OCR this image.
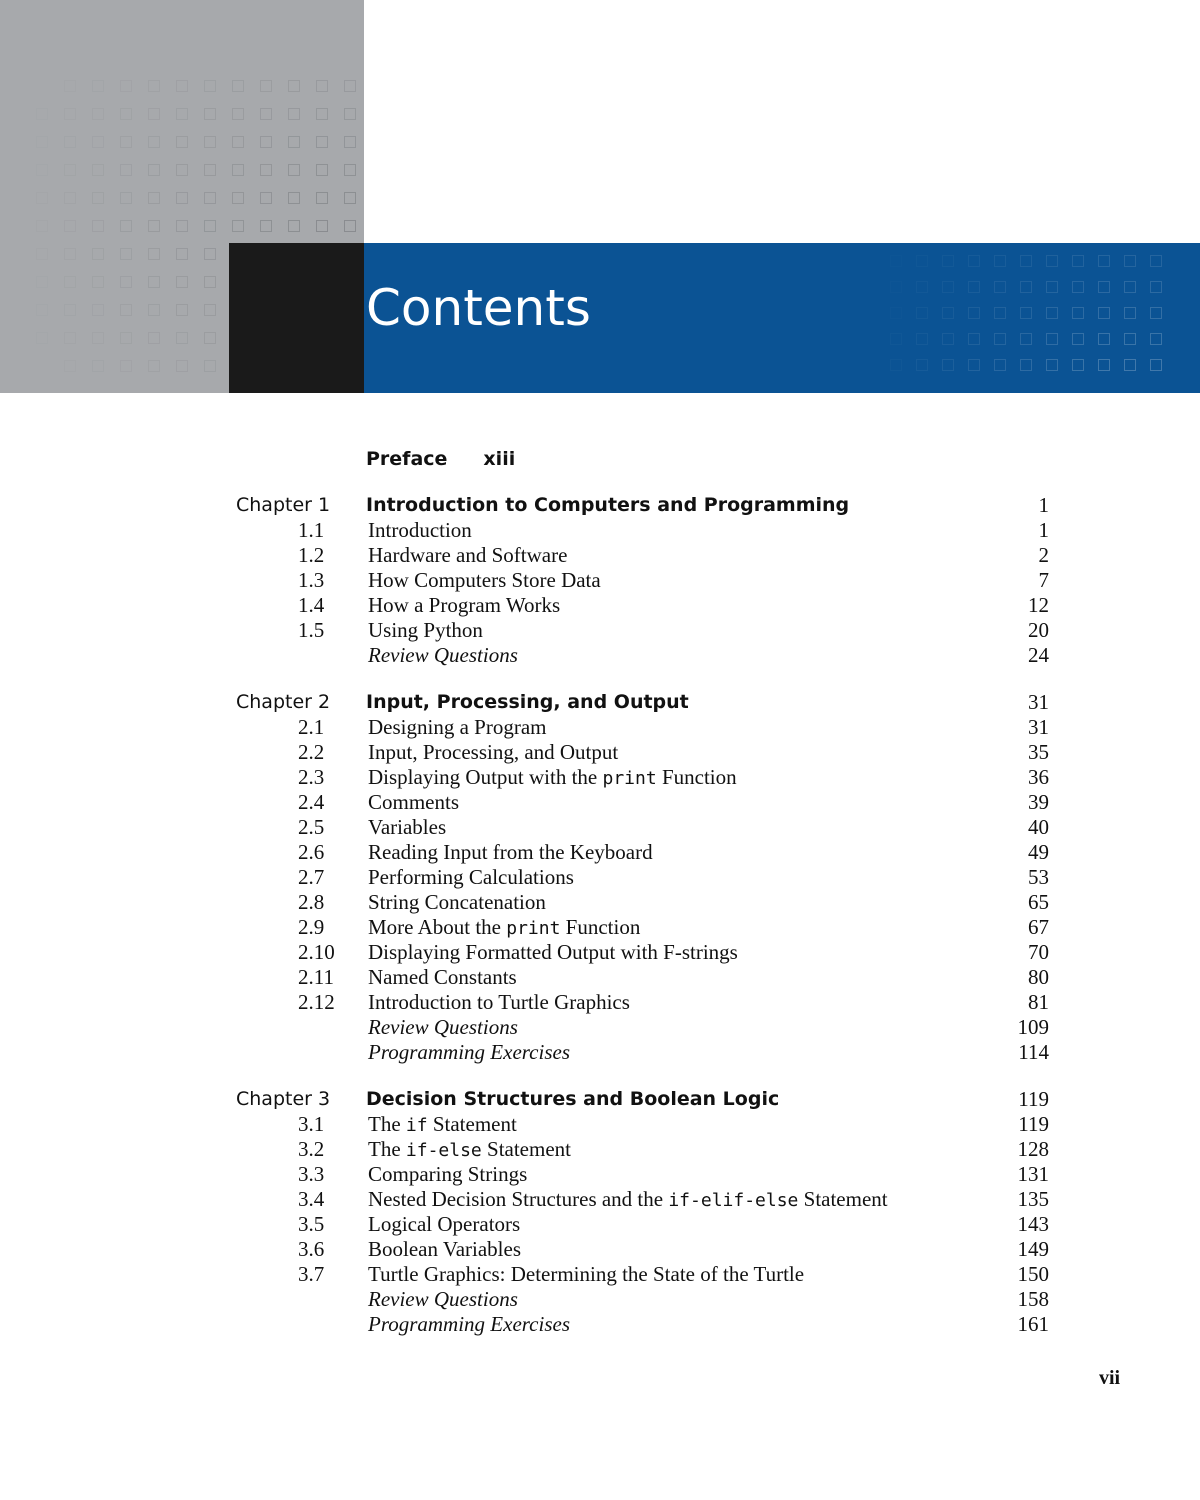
Contents
Preface xiii
Chapter 1 Introduction to Computers and Programming	1
1.1	Introduction	1
1.2	Hardware and Software	2
1.3	How Computers Store Data	7
1.4	How a Program Works	12
1.5	Using Python	20
Review Questions	24
Chapter 2 Input, Processing, and Output	31
2.1	Designing a Program	31
2.2	Input, Processing, and Output	35
2.3	Displaying Output with the print Function	36
2.4	Comments	39
2.5	Variables	40
2.6	Reading Input from the Keyboard	49
2.7	Performing Calculations	53
2.8	String Concatenation	65
2.9	More About the print Function	67
2.10 Displaying Formatted Output with F-strings	70
2.11 Named Constants	80
2.12 Introduction to Turtle Graphics	81
Review Questions	109
Programming Exercises	114
Chapter 3 Decision Structures and Boolean Logic	119
3.1	The if Statement	119
3.2	The if-else Statement	128
3.3	Comparing Strings	131
3.4	Nested Decision Structures and the if-elif-else Statement	135
3.5	Logical Operators	143
3.6	Boolean Variables	149
3.7	Turtle Graphics: Determining the State of the Turtle	150
Review Questions	158
Programming Exercises	161
vii
